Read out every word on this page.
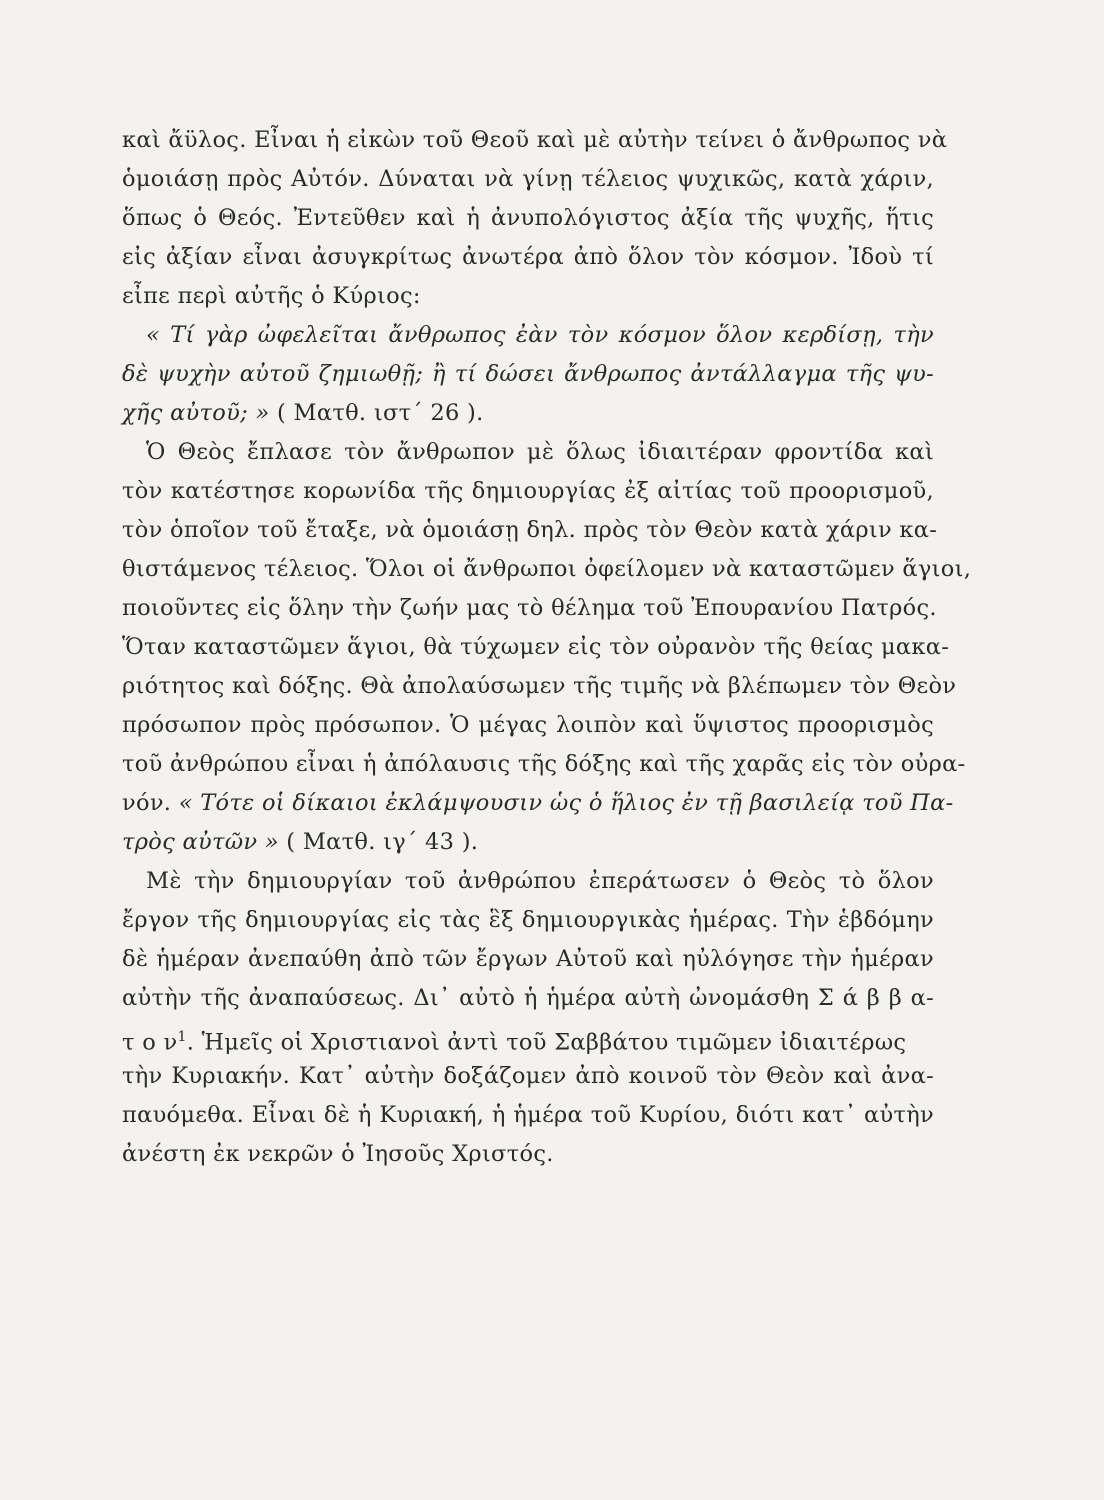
καὶ ἄϋλος. Εἶναι ἡ εἰκὼν τοῦ Θεοῦ καὶ μὲ αὐτὴν τείνει ὁ ἄνθρωπος νὰ
ὁμοιάσῃ πρὸς Αὐτόν. Δύναται νὰ γίνῃ τέλειος ψυχικῶς, κατὰ χάριν,
ὅπως ὁ Θεός. Ἐντεῦθεν καὶ ἡ ἀνυπολόγιστος ἀξία τῆς ψυχῆς, ἥτις
εἰς ἀξίαν εἶναι ἀσυγκρίτως ἀνωτέρα ἀπὸ ὅλον τὸν κόσμον. Ἰδοὺ τί
εἶπε περὶ αὐτῆς ὁ Κύριος:
« Τί γὰρ ὠφελεῖται ἄνθρωπος ἐὰν τὸν κόσμον ὅλον κερδίσῃ, τὴν
δὲ ψυχὴν αὐτοῦ ζημιωθῇ; ἢ τί δώσει ἄνθρωπος ἀντάλλαγμα τῆς ψυ-
χῆς αὐτοῦ; » ( Ματθ. ιστ΄ 26 ).
Ὁ Θεὸς ἔπλασε τὸν ἄνθρωπον μὲ ὅλως ἰδιαιτέραν φροντίδα καὶ
τὸν κατέστησε κορωνίδα τῆς δημιουργίας ἐξ αἰτίας τοῦ προορισμοῦ,
τὸν ὁποῖον τοῦ ἔταξε, νὰ ὁμοιάσῃ δηλ. πρὸς τὸν Θεὸν κατὰ χάριν κα-
θιστάμενος τέλειος. Ὅλοι οἱ ἄνθρωποι ὀφείλομεν νὰ καταστῶμεν ἅγιοι,
ποιοῦντες εἰς ὅλην τὴν ζωήν μας τὸ θέλημα τοῦ Ἐπουρανίου Πατρός.
Ὅταν καταστῶμεν ἅγιοι, θὰ τύχωμεν εἰς τὸν οὐρανὸν τῆς θείας μακα-
ριότητος καὶ δόξης. Θὰ ἀπολαύσωμεν τῆς τιμῆς νὰ βλέπωμεν τὸν Θεὸν
πρόσωπον πρὸς πρόσωπον. Ὁ μέγας λοιπὸν καὶ ὕψιστος προορισμὸς
τοῦ ἀνθρώπου εἶναι ἡ ἀπόλαυσις τῆς δόξης καὶ τῆς χαρᾶς εἰς τὸν οὐρα-
νόν. « Τότε οἱ δίκαιοι ἐκλάμψουσιν ὡς ὁ ἥλιος ἐν τῇ βασιλείᾳ τοῦ Πα-
τρὸς αὐτῶν » ( Ματθ. ιγ΄ 43 ).
Μὲ τὴν δημιουργίαν τοῦ ἀνθρώπου ἐπεράτωσεν ὁ Θεὸς τὸ ὅλον
ἔργον τῆς δημιουργίας εἰς τὰς ἓξ δημιουργικὰς ἡμέρας. Τὴν ἑβδόμην
δὲ ἡμέραν ἀνεπαύθη ἀπὸ τῶν ἔργων Αὐτοῦ καὶ ηὐλόγησε τὴν ἡμέραν
αὐτὴν τῆς ἀναπαύσεως. Δι᾽ αὐτὸ ἡ ἡμέρα αὐτὴ ὠνομάσθη Σ ά β β α-
τ ο $\nu^1$. Ἡμεῖς οἱ Χριστιανοὶ ἀντὶ τοῦ Σαββάτου τιμῶμεν ἰδιαιτέρως
τὴν Κυριακήν. Κατ᾽ αὐτὴν δοξάζομεν ἀπὸ κοινοῦ τὸν Θεὸν καὶ ἀνα-
παυόμεθα. Εἶναι δὲ ἡ Κυριακή, ἡ ἡμέρα τοῦ Κυρίου, διότι κατ᾽ αὐτὴν
ἀνέστη ἐκ νεκρῶν ὁ Ἰησοῦς Χριστός.
